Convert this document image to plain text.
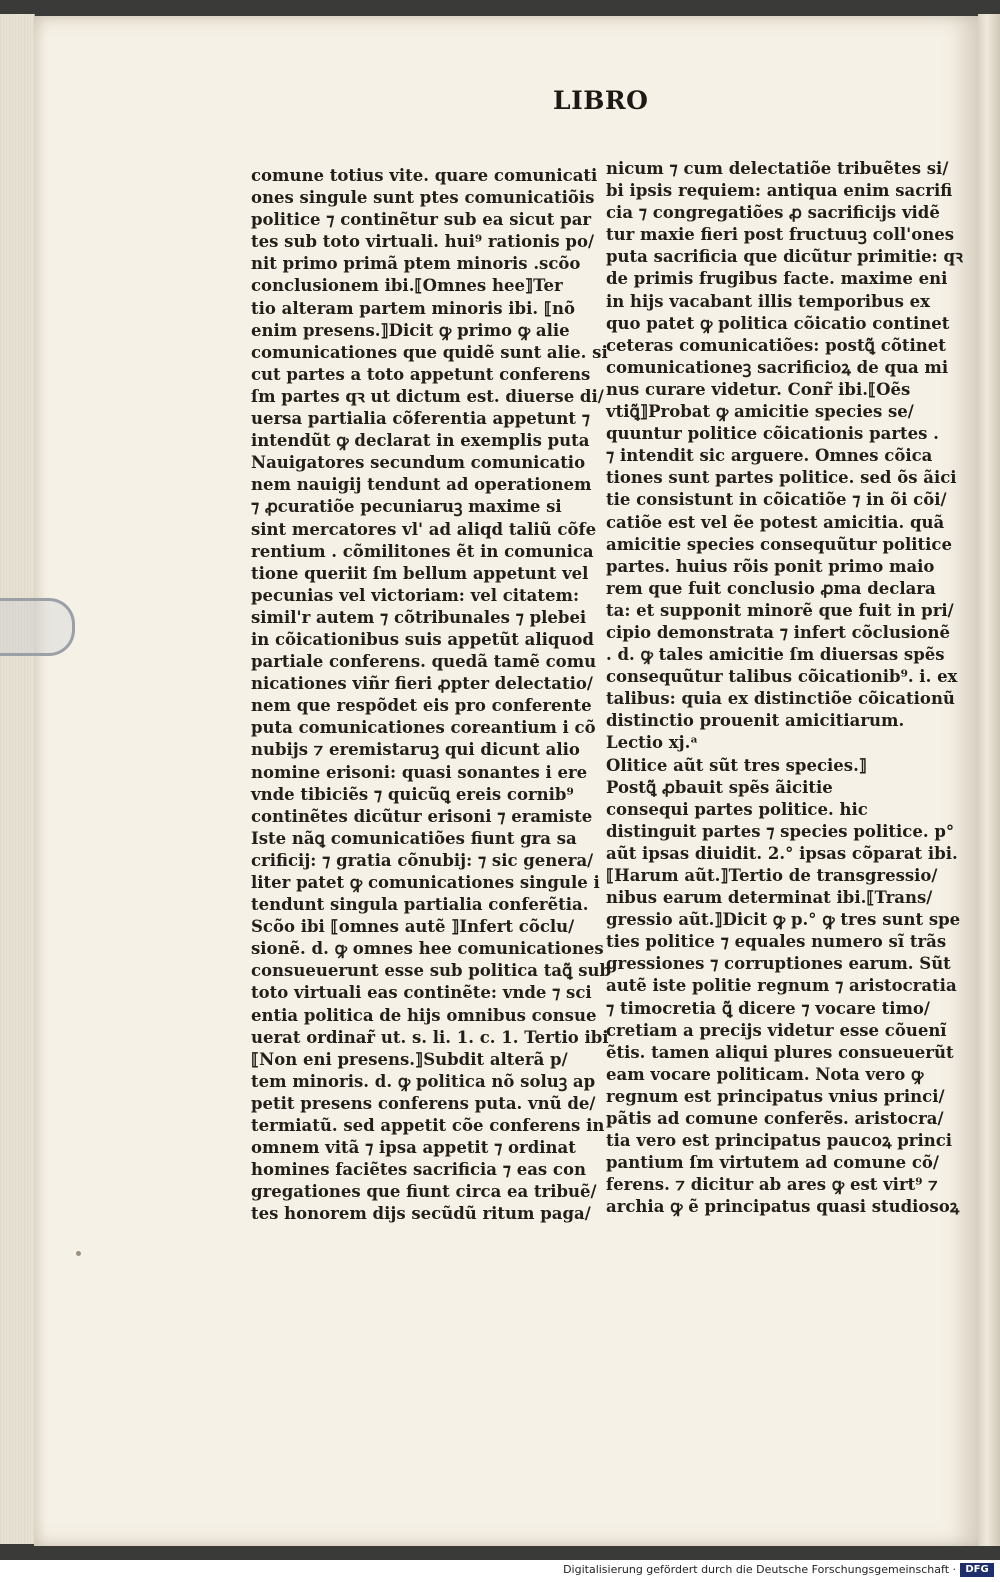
LIBRO
comune totius vite. quare comunicati
ones singule sunt ptes comunicatiõis
politice ⁊ continẽtur sub ea sicut par
tes sub toto virtuali. hui⁹ rationis po/
nit primo primã ptem minoris .scõo
conclusionem ibi.⟦Omnes hee⟧Ter
tio alteram partem minoris ibi. ⟦nõ
enim presens.⟧Dicit ꝙ primo ꝙ alie
comunicationes que quidẽ sunt alie. si
cut partes a toto appetunt conferens
ſm partes qꝛ ut dictum est. diuerse di/
uersa partialia cõferentia appetunt ⁊
intendũt ꝙ declarat in exemplis puta
Nauigatores secundum comunicatio
nem nauigij tendunt ad operationem
⁊ ꝓcuratiõe pecuniaruꝫ maxime si
sint mercatores vl' ad aliqd taliũ cõfe
rentium . cõmilitones ẽt in comunica
tione queriit ſm bellum appetunt vel
pecunias vel victoriam: vel citatem:
simil'r autem ⁊ cõtribunales ⁊ plebei
in cõicationibus suis appetũt aliquod
partiale conferens. quedã tamẽ comu
nicationes viñr fieri ꝓpter delectatio/
nem que respõdet eis pro conferente
puta comunicationes coreantium i cõ
nubijs ⁊ eremistaruꝫ qui dicunt alio
nomine erisoni: quasi sonantes i ere
vnde tibiciẽs ⁊ quicũꝗ ereis cornib⁹
continẽtes dicũtur erisoni ⁊ eramiste
Iste nãꝗ comunicatiões fiunt gra sa
crificij: ⁊ gratia cõnubij: ⁊ sic genera/
liter patet ꝙ comunicationes singule i
tendunt singula partialia conferẽtia.
Scõo ibi ⟦omnes autẽ ⟧Infert cõclu/
sionẽ. d. ꝙ omnes hee comunicationes
consueuerunt esse sub politica taꝗ̃ sub
toto virtuali eas continẽte: vnde ⁊ sci
entia politica de hijs omnibus consue
uerat ordinar̃ ut. s. li. 1. c. 1. Tertio ibi
⟦Non eni presens.⟧Subdit alterã p/
tem minoris. d. ꝙ politica nõ soluꝫ ap
petit presens conferens puta. vnũ de/
termiatũ. sed appetit cõe conferens in
omnem vitã ⁊ ipsa appetit ⁊ ordinat
homines faciẽtes sacrificia ⁊ eas con
gregationes que fiunt circa ea tribuẽ/
tes honorem dijs secũdũ ritum paga/
nicum ⁊ cum delectatiõe tribuẽtes si/
bi ipsis requiem: antiqua enim sacrifi
cia ⁊ congregatiões ꝓ sacrificijs vidẽ
tur maxie fieri post fructuuꝫ coll'ones
puta sacrificia que dicũtur primitie: qꝛ
de primis frugibus facte. maxime eni
in hijs vacabant illis temporibus ex
quo patet ꝙ politica cõicatio continet
ceteras comunicatiões: postꝗ̃ cõtinet
comunicationeꝫ sacrificioꝝ de qua mi
nus curare videtur. Conr̃ ibi.⟦Oẽs
vtiꝗ̃⟧Probat ꝙ amicitie species se/
quuntur politice cõicationis partes .
⁊ intendit sic arguere. Omnes cõica
tiones sunt partes politice. sed õs ãici
tie consistunt in cõicatiõe ⁊ in õi cõi/
catiõe est vel ẽe potest amicitia. quã
amicitie species consequũtur politice
partes. huius rõis ponit primo maio
rem que fuit conclusio ꝓma declara
ta: et supponit minorẽ que fuit in pri/
cipio demonstrata ⁊ infert cõclusionẽ
. d. ꝙ tales amicitie ſm diuersas spẽs
consequũtur talibus cõicationib⁹. i. ex
talibus: quia ex distinctiõe cõicationũ
distinctio prouenit amicitiarum.
Lectio xj.ᵃ
Olitice aũt sũt tres species.⟧
Postꝗ̃ ꝓbauit spẽs ãicitie
consequi partes politice. hic
distinguit partes ⁊ species politice. p°
aũt ipsas diuidit. 2.° ipsas cõparat ibi.
⟦Harum aũt.⟧Tertio de transgressio/
nibus earum determinat ibi.⟦Trans/
gressio aũt.⟧Dicit ꝙ p.° ꝙ tres sunt spe
ties politice ⁊ equales numero sĩ trãs
gressiones ⁊ corruptiones earum. Sũt
autẽ iste politie regnum ⁊ aristocratia
⁊ timocretia ꝗ̃ dicere ⁊ vocare timo/
cretiam a precijs videtur esse cõuenĩ
ẽtis. tamen aliqui plures consueuerũt
eam vocare politicam. Nota vero ꝙ
regnum est principatus vnius princi/
pãtis ad comune conferẽs. aristocra/
tia vero est principatus paucoꝝ princi
pantium ſm virtutem ad comune cõ/
ferens. ⁊ dicitur ab ares ꝙ est virt⁹ ⁊
archia ꝙ ẽ principatus quasi studiosoꝝ
Digitalisierung gefördert durch die Deutsche Forschungsgemeinschaft · DFG
